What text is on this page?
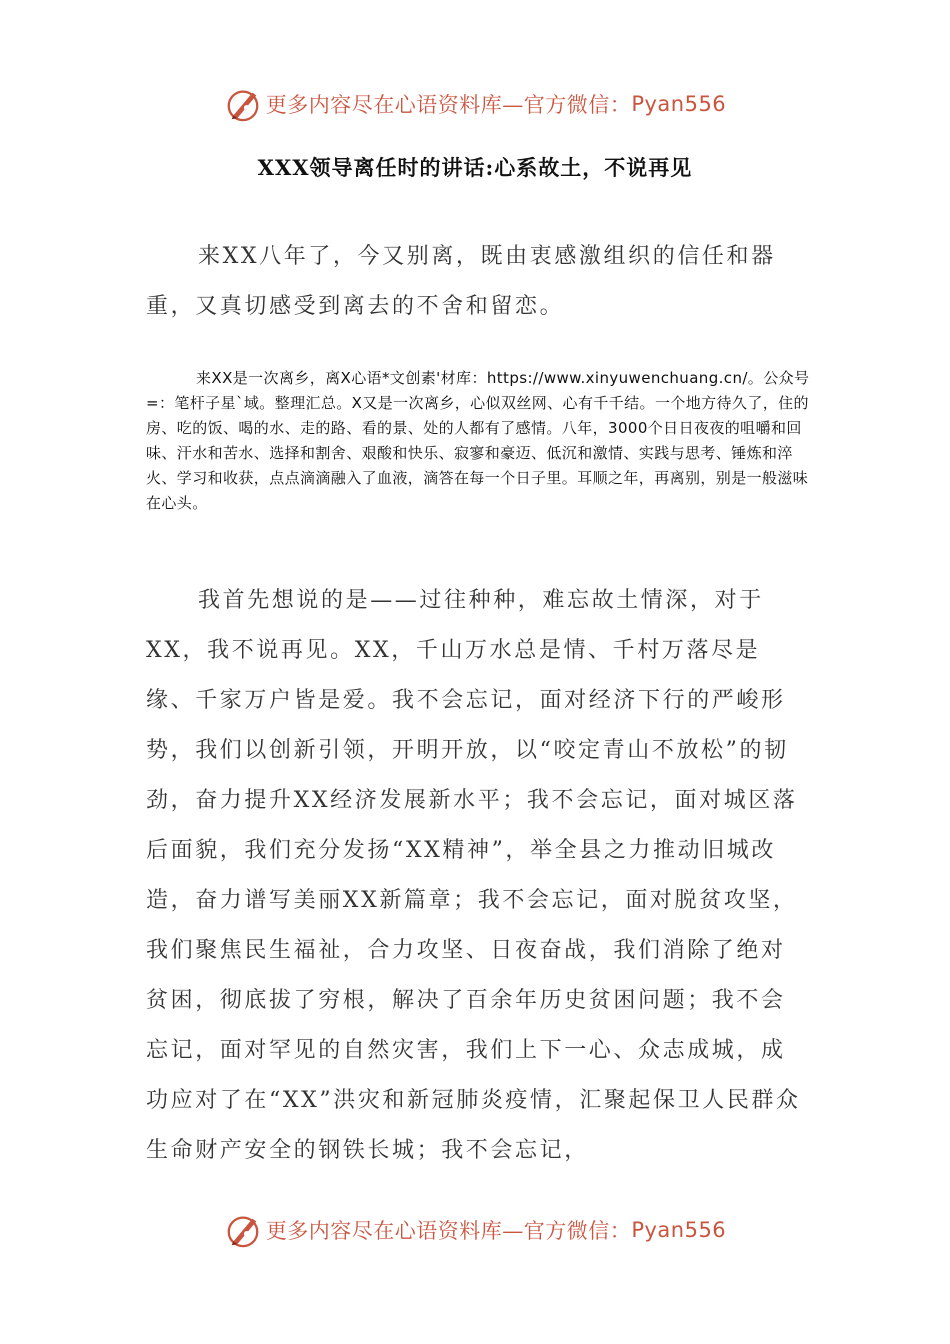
更多内容尽在心语资料库—官方微信： Pyan556
XXX领导离任时的讲话:心系故土，不说再见

来XX八年了，今又别离，既由衷感激组织的信任和器重，又真切感受到离去的不舍和留恋。

来XX是一次离乡，离X心语*文创素'材库：https://www.xinyuwenchuang.cn/。公众号=：笔杆子星`域。整理汇总。X又是一次离乡，心似双丝网、心有千千结。一个地方待久了，住的房、吃的饭、喝的水、走的路、看的景、处的人都有了感情。八年，3000个日日夜夜的咀嚼和回味、汗水和苦水、选择和割舍、艰酸和快乐、寂寥和豪迈、低沉和激情、实践与思考、锤炼和淬火、学习和收获，点点滴滴融入了血液，滴答在每一个日子里。耳顺之年，再离别，别是一般滋味在心头。

我首先想说的是——过往种种，难忘故土情深，对于XX，我不说再见。XX，千山万水总是情、千村万落尽是缘、千家万户皆是爱。我不会忘记，面对经济下行的严峻形势，我们以创新引领，开明开放，以“咬定青山不放松”的韧劲，奋力提升XX经济发展新水平；我不会忘记，面对城区落后面貌，我们充分发扬“XX精神”，举全县之力推动旧城改造，奋力谱写美丽XX新篇章；我不会忘记，面对脱贫攻坚，我们聚焦民生福祉，合力攻坚、日夜奋战，我们消除了绝对贫困，彻底拔了穷根，解决了百余年历史贫困问题；我不会忘记，面对罕见的自然灾害，我们上下一心、众志成城，成功应对了在“XX”洪灾和新冠肺炎疫情，汇聚起保卫人民群众生命财产安全的钢铁长城；我不会忘记，

更多内容尽在心语资料库—官方微信： Pyan556
